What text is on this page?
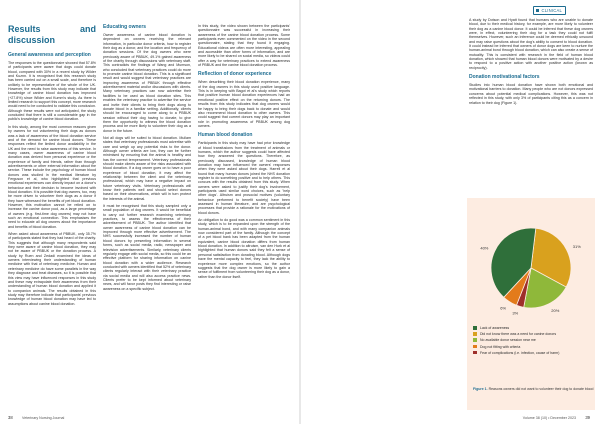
Results and discussion
General awareness and perception

The responses to the questionnaire showed that 57.8% of participants were aware that dogs could donate blood, compared with 30% in a recent study by Wilder and Kuznn. It is recognised that this research study has been carried out on a small scale, and therefore is unlikely to be representative of the whole of the UK. However, the results from this study may indicate that knowledge of canine blood donation has improved (+27.8%) since Wilder and Kumm's study. As there is limited research to support this concept, more research would need to be conducted to validate this conclusion. Although these results were not anticipated, the study concluded that there is still a considerable gap in the public's knowledge of canine blood donation.

In this study, among the most common reasons given by owners for not volunteering their dogs as donors was a lack of awareness of the blood donation service and of the demand for canine blood donors. These responses reflect the limited donor availability in the UK and the need to raise awareness of this service. In many cases, owner awareness of canine blood donation was derived from personal experience or the experience of family and friends, rather than through advertisements or other external information about the service. These include the psychology of human blood donors was studied in the medical literature by Ferguson et al, who highlighted that previous emotional experiences can directly impact on a donor's behaviour and their decision to become involved with blood donation. It is possible that dog owners, too, may be more driven to volunteer their dogs as a donor if they have witnessed the benefits of pet blood donation. However, this motivation cannot be relied on to increase the canine donor pool, as a large percentage of owners (e.g. first-time dog owners) may not have such an emotional connection. This emphasises the need to educate all dog owners about the importance and benefits of blood donation.

When asked about awareness of PBBUK, only 35.7% of participants stated that they had heard of the charity. This suggests that although many respondents said they were aware of canine blood donation, they may not be aware of PBBUK or the donation process. A study by Ruen and Zedadi examined the ideas of owners interviewing their understanding of human medicine with that of veterinary medicine. Human and veterinary medicine do have some parallels in the way they diagnose and treat diseases, so it is possible that this view may have influenced responses in this study and these may extrapolate their awareness from their understanding of human blood donation and applied it to companion animals. The results obtained in this study may therefore indicate that participants' previous knowledge of human blood donation may have led to assumptions about canine blood donation.

Educating owners

Owner awareness of canine blood donation is dependent on owners receiving the relevant information, in particular donor criteria, how to register their dog as a donor, and the location and frequency of donation sessions. Of the dog owners who were previously aware of PBBUK, 49.1% gained awareness of the charity through discussions with veterinary staff. This contradicts the findings of Wang and Mumson, who concluded that veterinary practices could do more to promote canine blood donation. This is a significant result and would suggest that veterinary practices are improving awareness of PBBUK through effective advertisement material and/or discussions with clients. Many veterinary practices can now advertise their facilities to be used as blood donation sites. This enables the veterinary practice to advertise the service and invite their clients to bring their dogs along to donate blood in a familiar setting. Additionally, clients should be encouraged to come along to a PBBUK session without their dog having to donate, to give them the opportunity to witness the blood donation process and be more likely to volunteer their dog as a donor in the future.

Not all dogs will be suited to blood donation. Mullam states that veterinary professionals must advertise with care and weigh up any potential risks to the donor. Although owner criteria are low, they can be further minimised by ensuring that the animal is healthy and has the correct temperament. Veterinary professionals should make clients aware of the risks associated with blood donation. If a dog owner goes on to have a poor experience of blood donation, it may affect the relationship between the client and the veterinary professional, which may have a negative impact on future veterinary visits. Veterinary professionals will know their patients well and should select donors based on their observations, which will in turn protect the interests of the animal.

It must be recognised that this study sampled only a small population of dog owners. It would be beneficial to carry out further research examining veterinary practices, to assess the effectiveness of their advertisement of PBBUK. The author identified that owner awareness of canine blood donation can be improved through more effective advertisement. The NHS successfully increased the number of human blood donors by presenting information in several forms, such as social media, radio, newspaper and television advertisements. Similarly, veterinary clients regularly engage with social media, so this could be an effective platform for sharing information on canine blood donation with a wider audience. Research conducted with owners identified that 52% of veterinary clients regularly interact with their veterinary practice via social media and will also access practice news. Clients prefer to be kept informed about veterinary news, and will favor posts they find interesting or raise awareness on a specific subject.

In this study, the video shown between the participants' questionnaire was successful in increasing their awareness of the canine blood donation process. Some participants even commented on the video in the second questionnaire, stating that they found it engaging. Educational videos are often more interesting, appealing and accessible than other forms of information, and are more likely to be shared on social media, so videos could offer a way for veterinary practices to extend awareness of PBBUK and the canine blood donation process.

Reflection of donor experience

When describing their blood donation experience, many of the dog owners in this study used positive language. This is in keeping with Bagot et al's study which reports that positive human blood donation experiences had an emotional positive effect on the returning donors. The results from this study indicates that dog owners would be happy to bring their dogs back to donate and would also recommend blood donation to other owners. This could suggest that current donors may play an important role in promoting awareness of PBBUK among dog owners.

Human blood donation

Participants in this study may have had prior knowledge of blood transfusions from the treatment of animals or humans, which the author suggests could have affected how they answered the questions. Therefore, as previously discussed, knowledge of human blood donation may have influenced the owners' responses when they were asked about their dogs. Harrell et al found that many human donors joined the NHS donation register to do something positive and to help others. This concurs with the results obtained from this study. When owners were asked to justify their dog's involvement, participants used similar word choices, such as 'help other dogs'. Altruism and prosocial motives (voluntary behaviour performed to benefit society) have been assessed in human literature, and are psychological processes that provide a rationale for the motivations of blood donors.

An obligation to do good was a common sentiment in this study, which is to be expanded upon the strength of the human-animal bond, and with many companion animals now considered part of the family. Although the concept of a pet blood bank has been adapted from the human equivalent, canine blood donation differs from human blood donation. In addition to altruism, van den Hurk et al highlighted that human donors said they felt a sense of personal satisfaction from donating blood. Although dogs have the mental capacity to feel, they lack the ability to experience more complex emotions, so the author suggests that the dog owner is more likely to gain a sense of fulfilment from volunteering their dog as a donor, rather than the donor itself.

38	Veterinary Nursing Journal
CLINICAL
39
Volume 38 (10) • December 2023

A study by Dotson and Hyatt found that humans who are unable to donate blood, due to their medical history, for example, are more likely to volunteer their dog as a canine blood donor. It could be inferred that these dog owners were, in effect, volunteering their dog for a task they could not fulfil themselves. However, such an inference could be deemed ethically unsound and may raise questions about the dog's ability to consent to blood donation. It could instead be inferred that owners of donor dogs are keen to nurture the human-animal bond through blood donation, which can also create a sense of mutuality. This is consistent with research in the field of human blood donation, which showed that human blood donors were motivated by a desire to respond to a positive action with another positive action (known as reciprocity).

Donation motivational factors

Studies into human blood donation have shown both emotional and motivational barriers to donation. Many people who are not donors expressed concerns about potential medical complications. However, this was not reflected in this study, with only 3% of participants citing this as a concern in relation to their dog (Figure 1).

31%
20%
3%
6%
40%
Lack of awareness
Did not know there was a need for canine donors
No available donor session near me
Dog not fitting with criteria
Fear of complications (i.e. infection, cause of harm)
Figure 1. Reasons owners did not want to volunteer their dog to donate blood
